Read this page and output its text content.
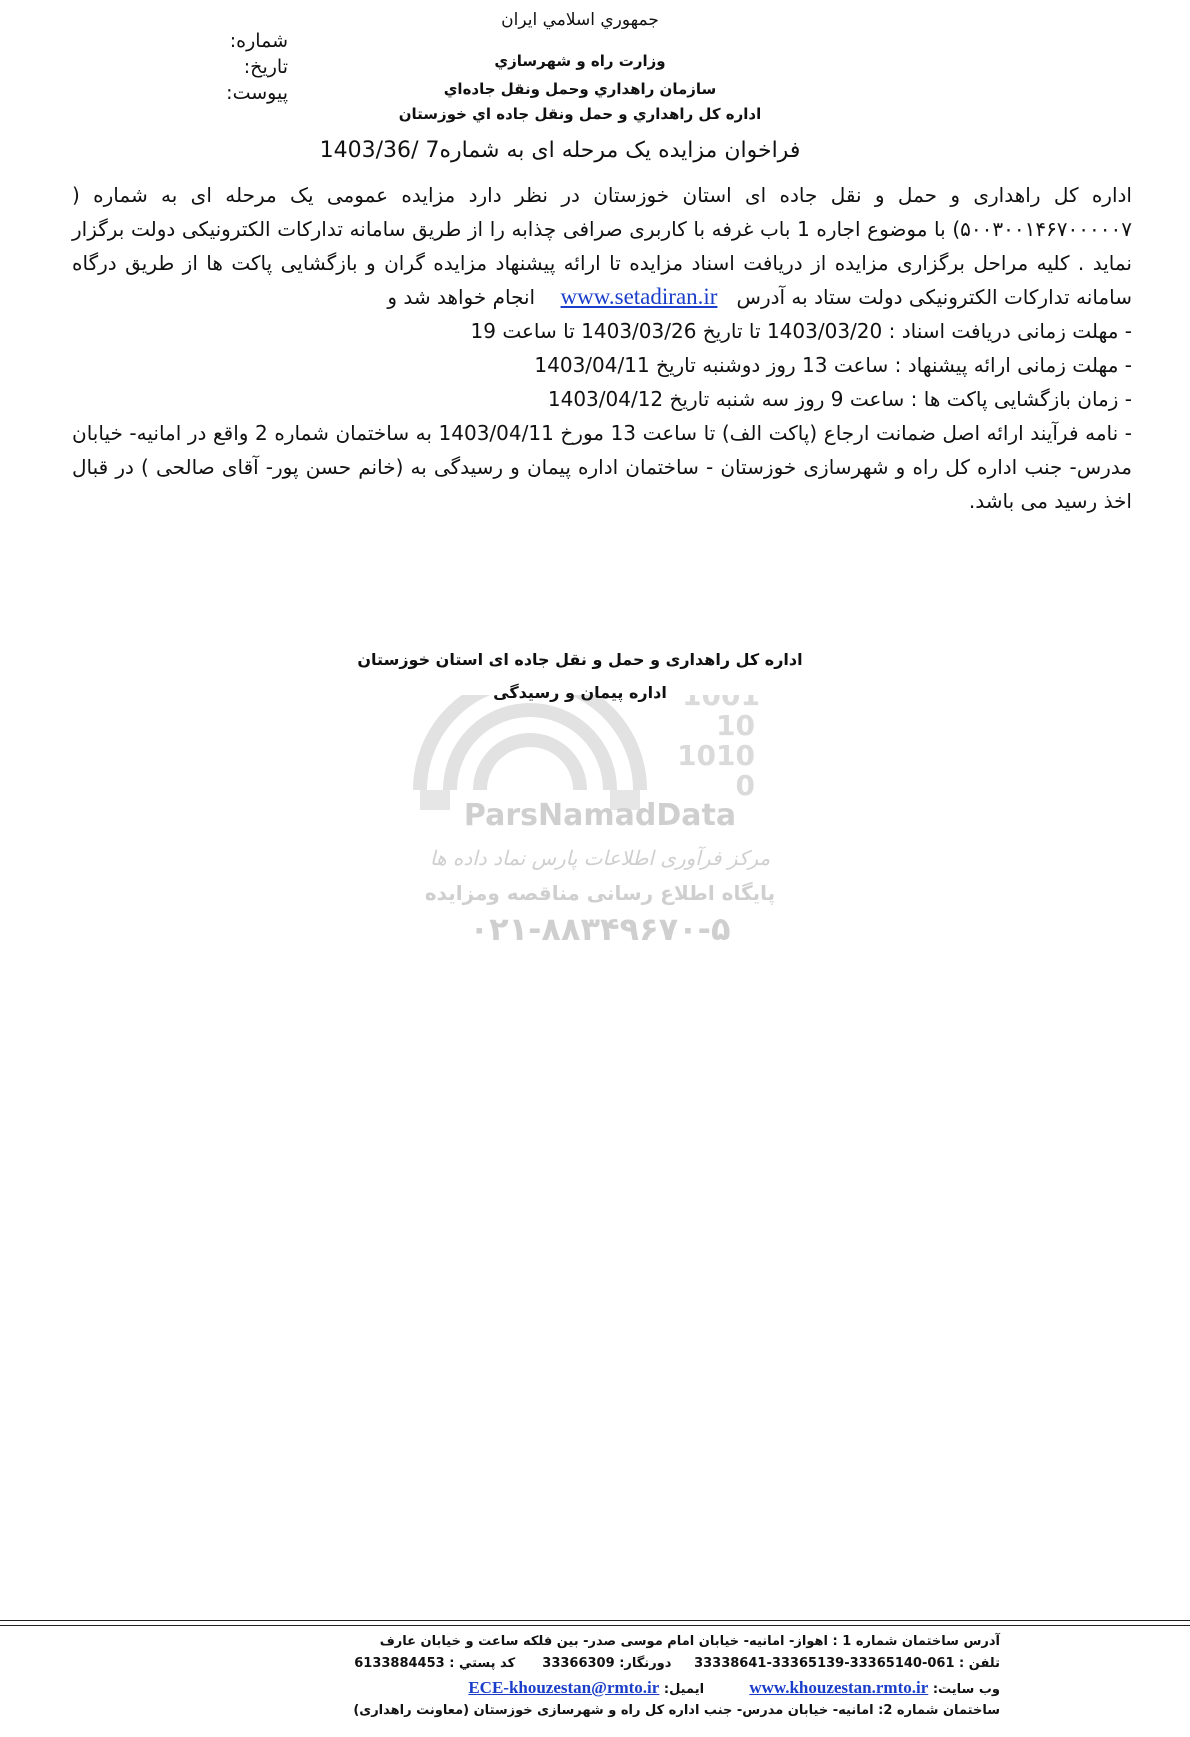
شماره:
تاریخ:
پیوست:
جمهوري اسلامي ايران
وزارت راه و شهرسازي
سازمان راهداري وحمل ونقل جاده‌اي
اداره كل راهداري و حمل ونقل جاده اي خوزستان
فراخوان مزایده یک مرحله ای به شماره7 /1403/36

اداره کل راهداری و حمل و نقل جاده ای استان خوزستان در نظر دارد مزایده عمومی یک مرحله ای به شماره ( ۵۰۰۳۰۰۱۴۶۷۰۰۰۰۰۷) با موضوع اجاره 1 باب غرفه با کاربری صرافی چذابه را از طریق سامانه تدارکات الکترونیکی دولت برگزار نماید . کلیه مراحل برگزاری مزایده از دریافت اسناد مزایده تا ارائه پیشنهاد مزایده گران و بازگشایی پاکت ها از طریق درگاه سامانه تدارکات الکترونیکی دولت ستاد به آدرس   www.setadiran.ir    انجام خواهد شد و

- مهلت زمانی دریافت اسناد : 1403/03/20 تا تاریخ 1403/03/26 تا ساعت 19

- مهلت زمانی ارائه پیشنهاد : ساعت 13 روز دوشنبه تاریخ 1403/04/11

- زمان بازگشایی پاکت ها : ساعت 9 روز سه شنبه تاریخ 1403/04/12

- نامه فرآیند ارائه اصل ضمانت ارجاع (پاکت الف) تا ساعت 13 مورخ 1403/04/11 به ساختمان شماره 2 واقع در امانیه- خیابان مدرس- جنب اداره کل راه و شهرسازی خوزستان - ساختمان اداره پیمان و رسیدگی به (خانم حسن پور- آقای صالحی ) در قبال اخذ رسید می باشد.

1001
10
1010
0
ParsNamadData
مرکز فرآوری اطلاعات پارس نماد داده ها
پایگاه اطلاع رسانی مناقصه ومزایده
۰۲۱-۸۸۳۴۹۶۷۰-۵
اداره کل راهداری و حمل و نقل جاده ای استان خوزستان
اداره پیمان و رسیدگی
آدرس ساختمان شماره 1 : اهواز- امانیه- خیابان امام موسی صدر- بین فلکه ساعت و خیابان عارف
تلفن : 33338641-33365139-33365140-061     دورنگار: 33366309      کد پستي : 6133884453
وب سایت: www.khouzestan.rmto.ir          ایمیل: ECE-khouzestan@rmto.ir
ساختمان شماره 2: امانیه- خیابان مدرس- جنب اداره کل راه و شهرسازی خوزستان (معاونت راهداری)
